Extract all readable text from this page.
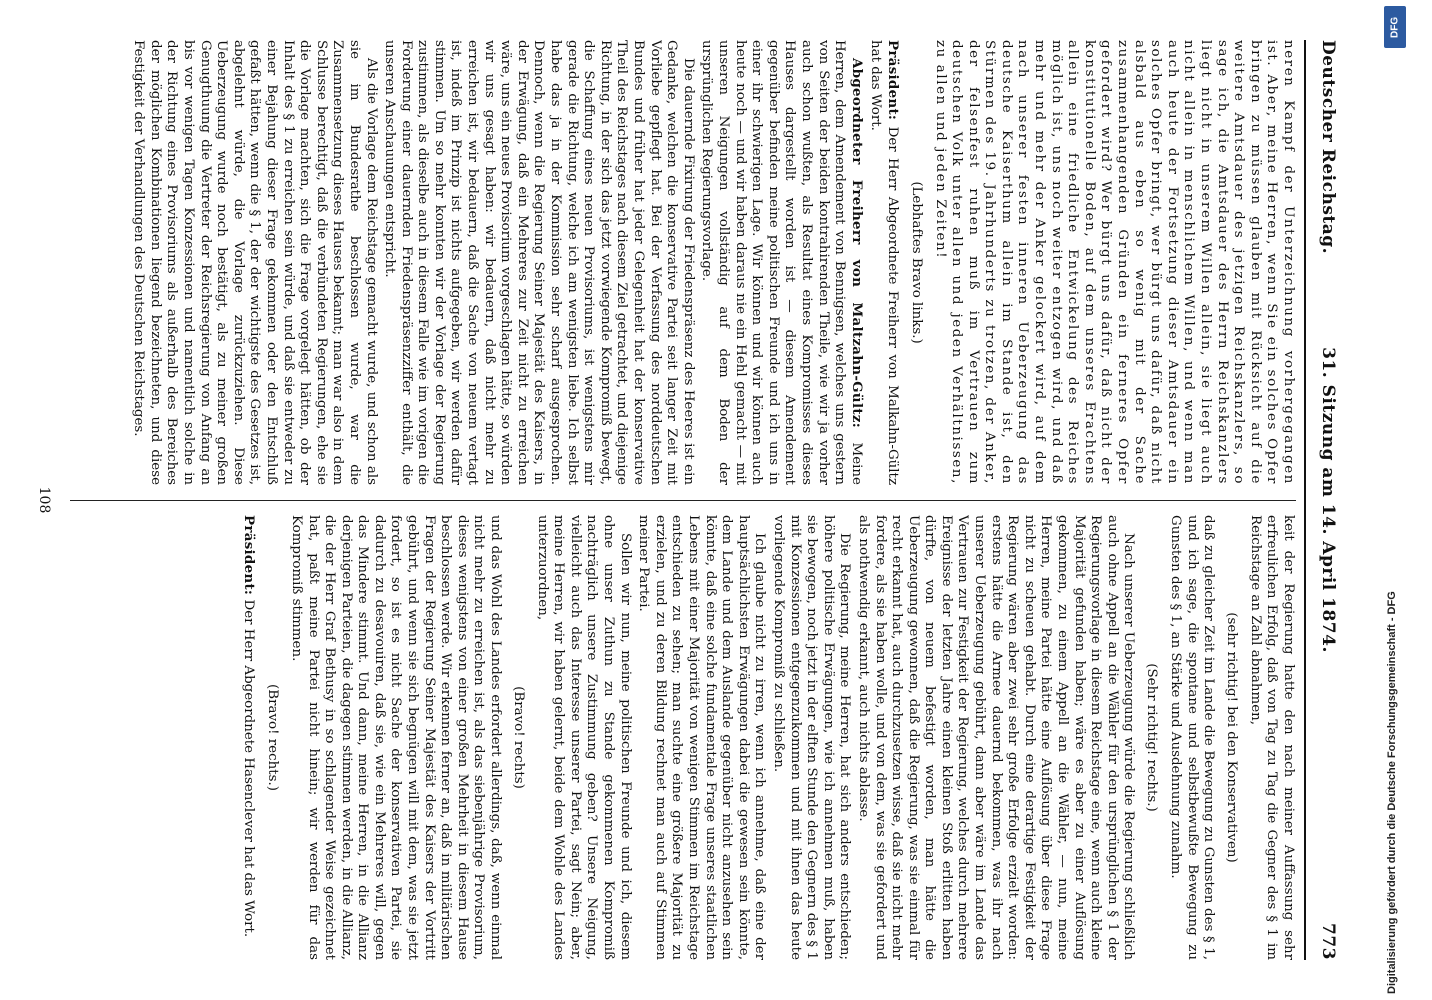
Deutscher Reichstag.
31. Sitzung am 14. April 1874.
773

neren Kampf der Unterzeichnung vorhergegangen ist. Aber, meine Herren, wenn Sie ein solches Opfer bringen zu müssen glauben mit Rücksicht auf die weitere Amtsdauer des jetzigen Reichskanzlers, so sage ich, die Amtsdauer des Herrn Reichskanzlers liegt nicht in unserem Willen allein, sie liegt auch nicht allein in menschlichem Willen, und wenn man auch heute der Fortsetzung dieser Amtsdauer ein solches Opfer bringt, wer bürgt uns dafür, daß nicht alsbald aus eben so wenig mit der Sache zusammenhangenden Gründen ein ferneres Opfer gefordert wird? Wer bürgt uns dafür, daß nicht der konstitutionelle Boden, auf dem unseres Erachtens allein eine friedliche Entwickelung des Reiches möglich ist, uns noch weiter entzogen wird, und daß mehr und mehr der Anker gelockert wird, auf dem nach unserer festen inneren Ueberzeugung das deutsche Kaiserthum allein im Stande ist, den Stürmen des 19. Jahrhunderts zu trotzen, der Anker, der felsenfest ruhen muß im Vertrauen zum deutschen Volk unter allen und jeden Verhältnissen, zu allen und jeden Zeiten!

(Lebhaftes Bravo links.)

Präsident: Der Herr Abgeordnete Freiherr von Malkahn-Gültz hat das Wort.

Abgeordneter Freiherr von Maltzahn-Gültz: Meine Herren, dem Amendement von Bennigsen, welches uns gestern von Seiten der beiden kontrahirenden Theile, wie wir ja vorher auch schon wußten, als Resultat eines Kompromisses dieses Hauses dargestellt worden ist — diesem Amendement gegenüber befinden meine politischen Freunde und ich uns in einer ihr schwierigen Lage. Wir können und wir können auch heute noch — und wir haben daraus nie ein Hehl gemacht — mit unseren Neigungen vollständig auf dem Boden der ursprünglichen Regierungsvorlage.

Die dauernde Fixirung der Friedenspräsenz des Heeres ist ein Gedanke, welchen die konservative Partei seit langer Zeit mit Vorliebe gepflegt hat. Bei der Verfassung des norddeutschen Bundes und früher hat jeder Gelegenheit hat der konservative Theil des Reichstages nach diesem Ziel getrachtet, und diejenige Richtung, in der sich das jetzt vorwiegende Kompromiß bewegt, die Schaffung eines neuen Provisoriums, ist wenigstens mir gerade die Richtung, welche ich am wenigsten liebe. Ich selbst habe das ja in der Kommission sehr scharf ausgesprochen. Dennoch, wenn die Regierung Seiner Majestät des Kaisers, in der Erwägung, daß ein Mehreres zur Zeit nicht zu erreichen wäre, uns ein neues Provisorium vorgeschlagen hätte, so würden wir uns gesagt haben: wir bedauern, daß nicht mehr zu erreichen ist, wir bedauern, daß die Sache von neuem vertagt ist, indeß im Prinzip ist nichts aufgegeben, wir werden dafür stimmen. Um so mehr konnten wir der Vorlage der Regierung zustimmen, als dieselbe auch in diesem Falle wie im vorigen die Forderung einer dauernden Friedenspräsenzziffer enthält, die unseren Anschauungen entspricht.

Als die Vorlage dem Reichstage gemacht wurde, und schon als sie im Bundesrathe beschlossen wurde, war die Zusammensetzung dieses Hauses bekannt; man war also in dem Schlusse berechtigt, daß die verbündeten Regierungen, ehe sie die Vorlage machten, sich die Frage vorgelegt hätten, ob der Inhalt des § 1 zu erreichen sein würde, und daß sie entweder zu einer Bejahung dieser Frage gekommen oder den Entschluß gefaßt hätten, wenn die § 1, der der wichtigste des Gesetzes ist, abgelehnt würde, die Vorlage zurückzuziehen. Diese Ueberzeugung wurde noch bestätigt, als zu meiner großen Genugthuung die Vertreter der Reichsregierung von Anfang an bis vor wenigen Tagen Konzessionen und namentlich solche in der Richtung eines Provisoriums als außerhalb des Bereiches der möglichen Kombinationen liegend bezeichneten, und diese Festigkeit der Verhandlungen des Deutschen Reichstages.

keit der Regierung hatte den nach meiner Auffassung sehr erfreulichen Erfolg, daß von Tag zu Tag die Gegner des § 1 im Reichstage an Zahl abnahmen,

(sehr richtig! bei den Konservativen)

daß zu gleicher Zeit im Lande die Bewegung zu Gunsten des § 1, und ich sage, die spontane und selbstbewußte Bewegung zu Gunsten des § 1, an Stärke und Ausdehnung zunahm.

(Sehr richtig! rechts.)

Nach unserer Ueberzeugung würde die Regierung schließlich auch ohne Appell an die Wähler für den ursprünglichen § 1 der Regierungsvorlage in diesem Reichstage eine, wenn auch kleine Majorität gefunden haben; wäre es aber zu einer Auflösung gekommen, zu einem Appell an die Wähler, — nun, meine Herren, meine Partei hätte eine Auflösung über diese Frage nicht zu scheuen gehabt. Durch eine derartige Festigkeit der Regierung wären aber zwei sehr große Erfolge erzielt worden: erstens hätte die Armee dauernd bekommen, was ihr nach unserer Ueberzeugung gebührt, dann aber wäre im Lande das Vertrauen zur Festigkeit der Regierung, welches durch mehrere Ereignisse der letzten Jahre einen kleinen Stoß erlitten haben dürfte, von neuem befestigt worden, man hätte die Ueberzeugung gewonnen, daß die Regierung, was sie einmal für recht erkannt hat, auch durchzusetzen wisse, daß sie nicht mehr fordere, als sie haben wolle, und von dem, was sie gefordert und als nothwendig erkannt, auch nichts ablasse.

Die Regierung, meine Herren, hat sich anders entschieden; höhere politische Erwägungen, wie ich annehmen muß, haben sie bewogen, noch jetzt in der elften Stunde den Gegnern des § 1 mit Konzessionen entgegenzukommen und mit ihnen das heute vorliegende Kompromiß zu schließen.

Ich glaube nicht zu irren, wenn ich annehme, daß eine der hauptsächlichsten Erwägungen dabei die gewesen sein könnte, dem Lande und dem Auslande gegenüber nicht anzusehen sein könnte, daß eine solche fundamentale Frage unseres staatlichen Lebens mit einer Majorität von wenigen Stimmen im Reichstage entschieden zu sehen; man suchte eine größere Majorität zu erzielen, und zu deren Bildung rechnet man auch auf Stimmen meiner Partei.

Sollen wir nun, meine politischen Freunde und ich, diesem ohne unser Zuthun zu Stande gekommenen Kompromiß nachträglich unsere Zustimmung geben? Unsere Neigung, vielleicht auch das Interesse unserer Partei, sagt Nein; aber, meine Herren, wir haben gelernt, beide dem Wohle des Landes unterzuordnen,

(Bravo! rechts)

und das Wohl des Landes erfordert allerdings, daß, wenn einmal nicht mehr zu erreichen ist, als das siebenjährige Provisorium, dieses wenigstens von einer großen Mehrheit in diesem Hause beschlossen werde. Wir erkennen ferner an, daß in militärischen Fragen der Regierung Seiner Majestät des Kaisers der Vortritt gebührt, und wenn sie sich begnügen will mit dem, was sie jetzt fordert, so ist es nicht Sache der konservativen Partei, sie dadurch zu desavouiren, daß sie, wie ein Mehreres will, gegen das Mindere stimmt. Und dann, meine Herren, in die Allianz derjenigen Parteien, die dagegen stimmen werden, in die Allianz, die der Herr Graf Bethusy in so schlagender Weise gezeichnet hat, paßt meine Partei nicht hinein; wir werden für das Kompromiß stimmen.

(Bravo! rechts.)

Präsident: Der Herr Abgeordnete Hasenclever hat das Wort.

108
DFG
Digitalisierung gefördert durch die Deutsche Forschungsgemeinschaft - DFG
